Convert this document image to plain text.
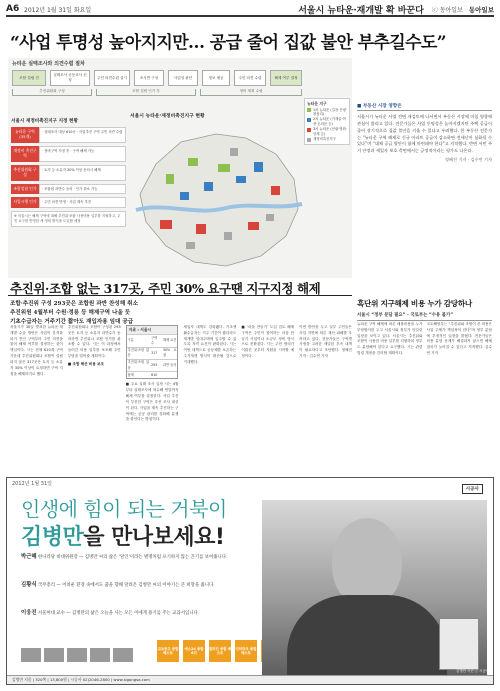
A6 2012년 1월 31일 화요일	서울시 뉴타운·재개발 확 바꾼다 ⓒ 동아일보 동아일보
“사업 투명성 높아지지만… 공급 줄어 집값 불안 부추길수도”
뉴타운 실태조사와 의견수렴 절차
조합 설립 전
실태조사 공동조사 신청
주민 의견수렴 실시	조사반 구성	사업성 판단	정보 제공	주민 의견 수렴	해제 여부 결정
추진위원회 구성	조합 설립 인가 후	정비 계획 수립
서울시 재정비촉진지구 지정 현황
뉴타운 구역 (35개)
· 실태조사 대상 610곳 · 사업추진 구역 주민 의견 수렴
재정비 촉진구역
· 정비구역 지정 후 · 구역 해제 가능
추진위원회 구성
· 토지 등 소유자 30% 이상 동의시 해제
조합설립 인가	· 조합원 과반수 동의 · 인가 취소 가능
사업시행 인가	· 주민 의견 반영 · 사업 계속 추진
※ 서울시는 해제 구역에 대해 추진위·조합 사용비용 일부를 지원하고, 주민 요구를 반영한 새 정비 방식을 도입할 예정
서울시 뉴타운·재정비촉진지구 현황
뉴타운 지구
1차 뉴타운 (길음·은평·왕십리)
2차 뉴타운 (가재울·아현·돈의문 등)
3차 뉴타운 (신림·방화·상계 등)
재정비촉진지구
■ 부동산 시장 영향은

서울시가 뉴타운 사업 전면 재검토에 나서면서 부동산 시장에 미칠 영향에 관심이 쏠리고 있다. 전문가들은 사업 투명성은 높아지겠지만 주택 공급이 줄어 장기적으로 집값 불안을 키울 수 있다고 우려했다. 한 부동산 전문가는 “뉴타운 구역 해제로 신규 아파트 공급이 감소하면 전세난이 심화될 수 있다”며 “대체 공급 방안이 함께 마련돼야 한다”고 지적했다. 반면 서민 주거 안정과 세입자 보호 측면에서는 긍정적이라는 평가도 나온다.

정혜진 기자 · 김수연 기자
추진위·조합 없는 317곳, 주민 30% 요구땐 지구지정 해제
조합·추진위 구성 293곳은 조합원 과반 찬성해 취소
추진위원 4월부터 수원·정릉 등 해제구역 나올 듯
기초수급자는 거주기간 짧아도 재입자용 임대 공급

서울시가 30일 발표한 뉴타운·재개발 수습 방안은 사업이 본격화되기 전인 구역부터 주민 의견을 물어 해제 여부를 결정하는 것이 핵심이다. 시는 전체 610개 구역 가운데 추진위원회나 조합이 설립되지 않은 317곳은 토지 등 소유자 30% 이상이 요청하면 구역 지정을 해제하기로 했다.

추진위원회나 조합이 구성된 293곳은 토지 등 소유자 과반수가 동의하면 추진위나 조합 인가를 취소할 수 있다. 시는 이 과정에서 들어간 비용 일부를 보조해 주민 부담을 덜어줄 계획이다.

■ 조합 해산 비용 보조
자료 : 서울시
구분	구역 수	해제 요건
추진위·조합 없음	317	30% 요청
추진위·조합 있음	293	과반 동의
합계	610	

■ 주요 실태 조사 일정 시는 4월부터 실태조사에 착수해 연말까지 해제 여부를 결정한다. 사업 추진이 부진한 구역은 우선 조사 대상이 된다. 사업을 계속 추진하는 구역에는 공공 관리를 강화해 분쟁을 줄인다는 방침이다.

세입자 대책도 강화됐다. 기초생활수급자는 거주 기간이 짧더라도 재개발 임대주택에 입주할 수 있도록 자격 요건이 완화된다. 시는 이번 대책으로 공동체를 보존하는 주거재생 방식이 확산될 것으로 기대했다.

■ ‘마을 만들기’ 도입 검토 해제 구역은 주민이 참여하는 마을 만들기 사업이나 소규모 정비 방식으로 전환된다. 시는 주민 합의가 이뤄진 곳부터 지원을 시작할 예정이다.

이번 방안을 두고 일부 주민들은 사업 지연에 따른 재산 피해를 우려하고 있다. 전문가들은 구역별 사정을 고려한 세밀한 후속 대책이 필요하다고 조언했다. 정혜진 기자 · 김수연 기자

흑단위 지구해제 비용 누가 감당하나
서울시 “정부 분담 필요” - 국토부는 “수용 불가”
뉴타운 구역 해제에 따른 매몰비용을 누가 부담할지를 두고 서울시와 정부가 엇갈린 입장을 보이고 있다. 서울시는 추진위와 조합이 사용한 비용 일부를 지원하되 정부도 분담해야 한다고 요구했다. 시는 관련 법령 개정을 건의할 계획이다.
국토해양부는 “추진위와 조합이 쓴 비용은 사업 주체가 책임져야 한다”며 정부 분담에 부정적인 입장을 밝혔다. 전문가들은 비용 분담 문제가 해결되지 않으면 해제 절차가 늦어질 수 있다고 지적했다. 김수연 기자
2012년 1월 31일
시공사
인생에 힘이 되는 거북이
김병만을 만나보세요!
박근혜 한나라당 비대위원장 — 김병만 씨의 삶은 ‘달인’이라는 별명처럼 포기하지 않는 끈기를 보여줍니다.
김황식 국무총리 — 어려운 환경 속에서도 꿈을 향해 달려온 김병만 씨의 이야기는 큰 희망을 줍니다.
이웅진 서울여대 교수 — 김병만의 삶은 오늘을 사는 모든 이에게 용기를 주는 교과서입니다.
교보문고 종합 베스트
예스24 종합 6위
알라딘 종합 베스트
인터파크 종합 베스트
김병만 사진 ⓒ 시공사
김병만 지음 | 320쪽 | 13,800원 | 시공사 02)2046-2800 | www.sigongsa.com
